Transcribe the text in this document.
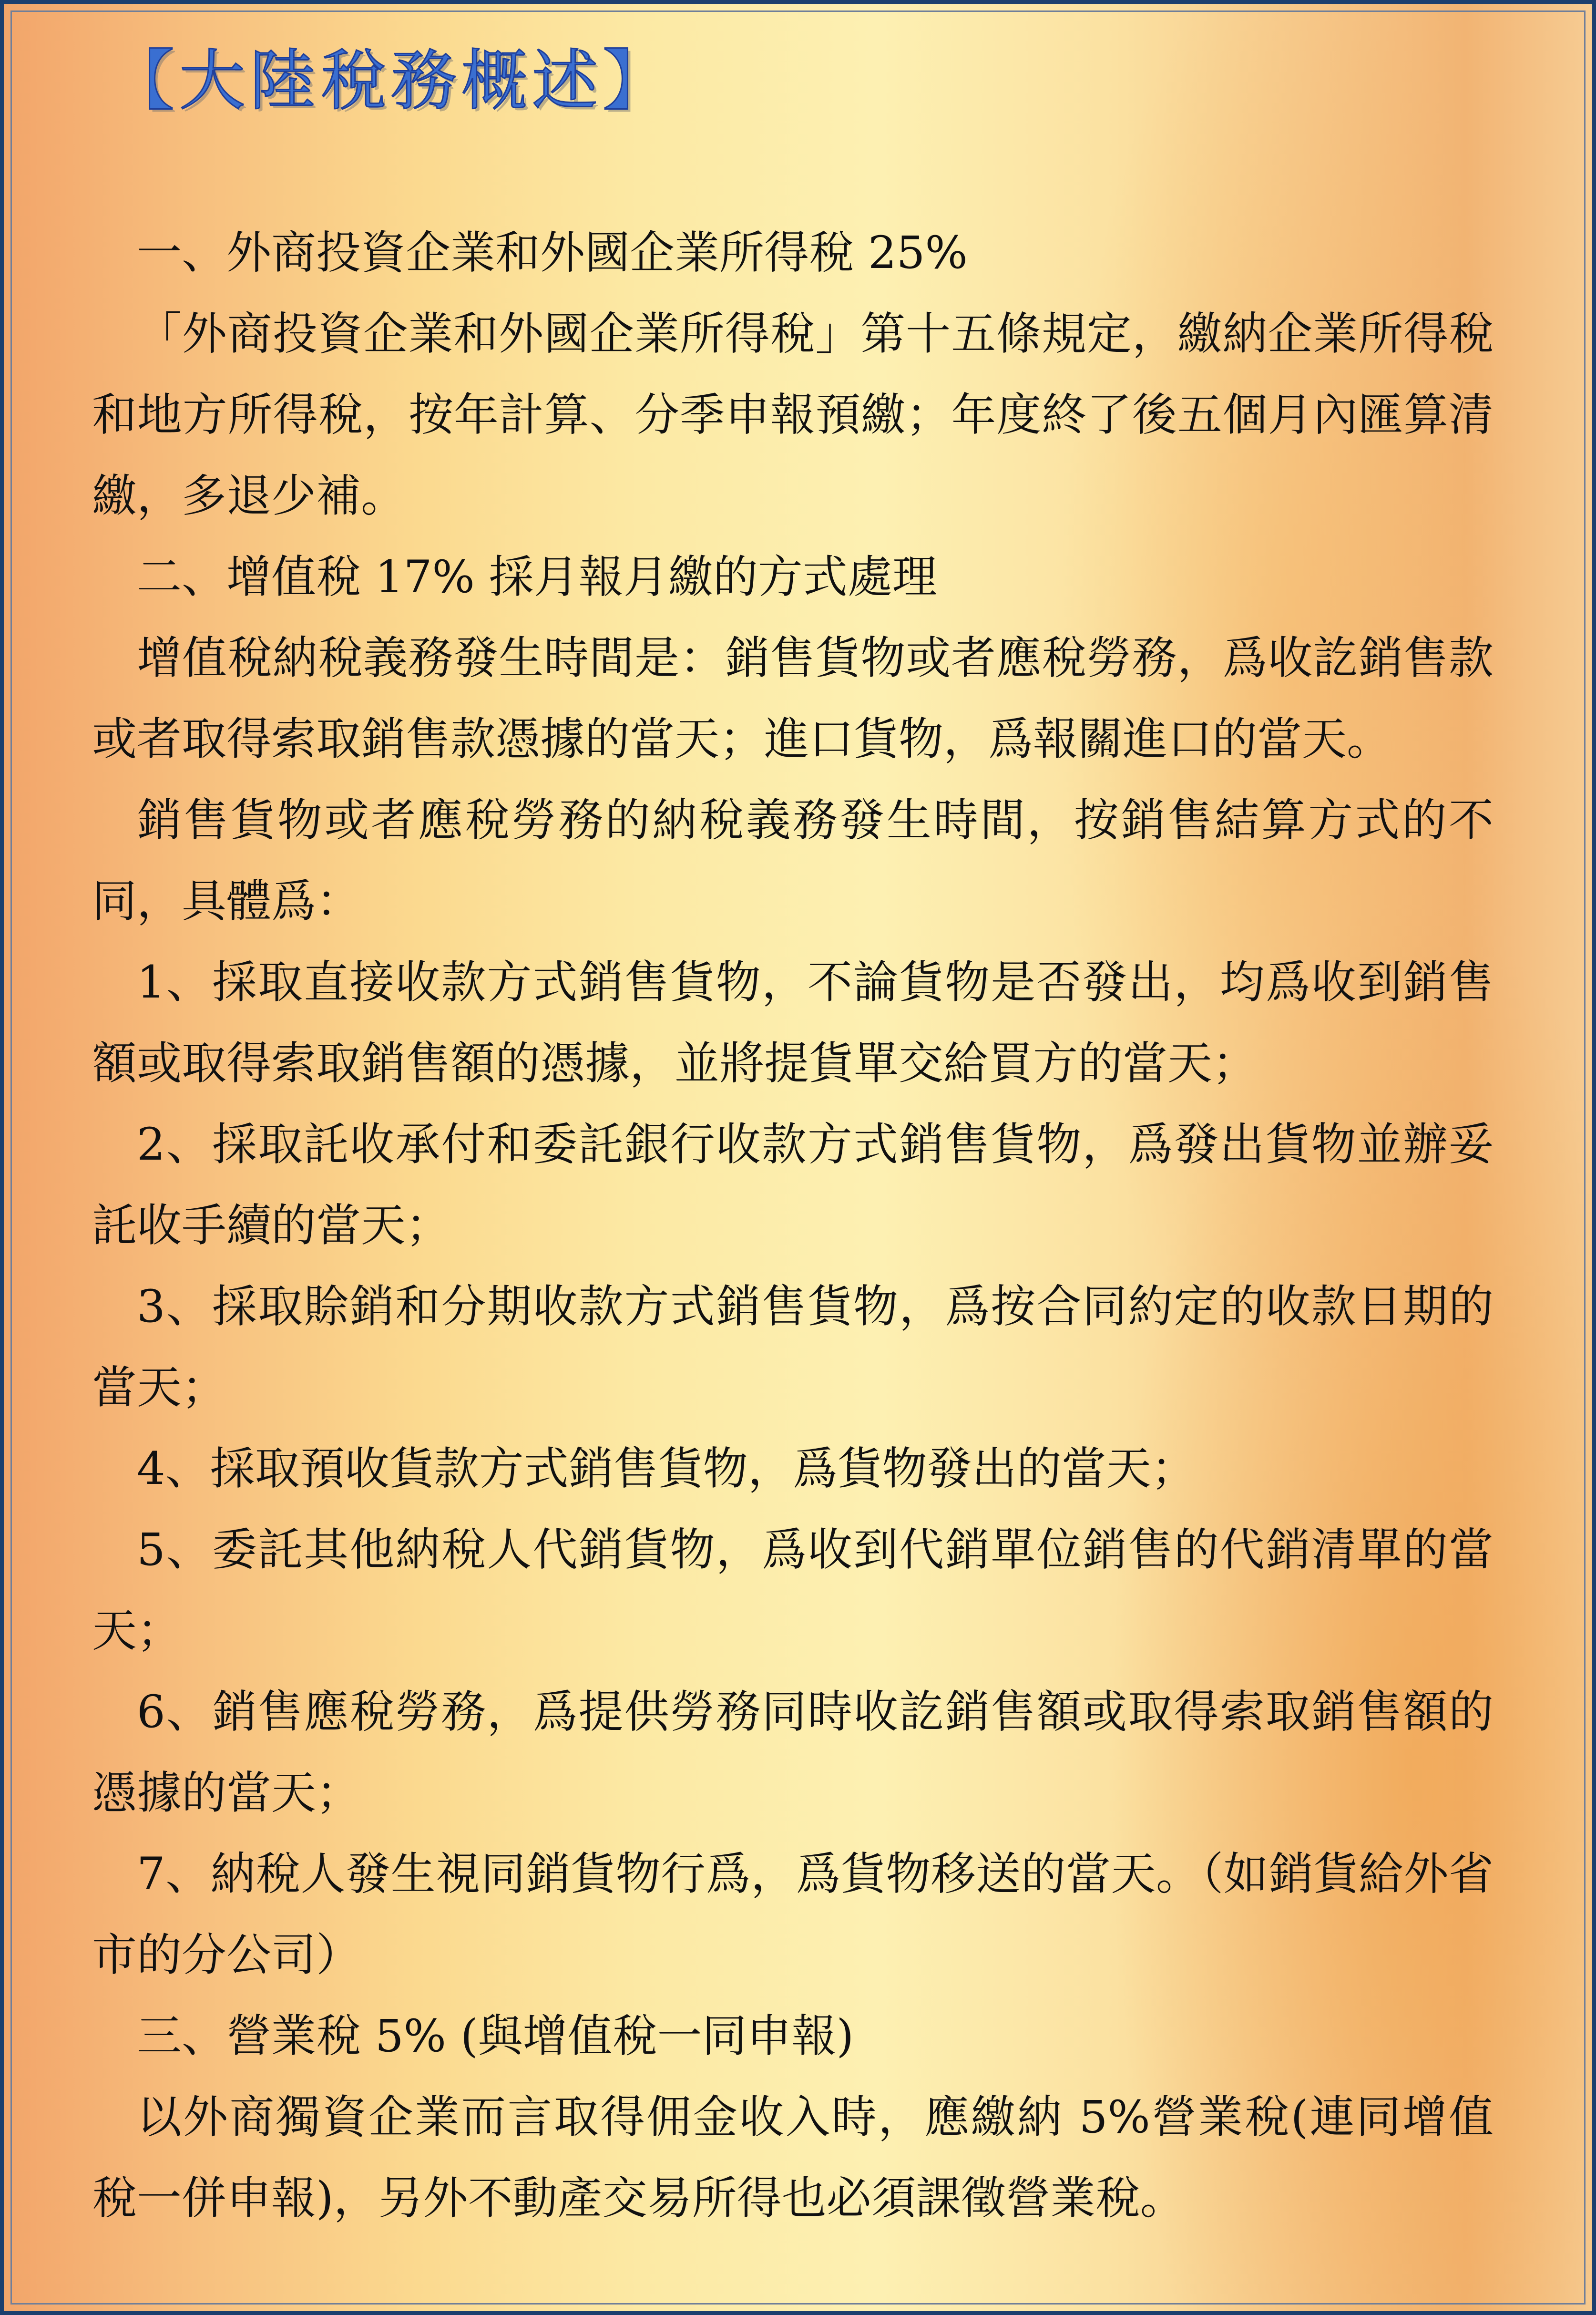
【大陸稅務概述】

一、外商投資企業和外國企業所得稅 25%

「外商投資企業和外國企業所得稅」第十五條規定，繳納企業所得稅和地方所得稅，按年計算、分季申報預繳；年度終了後五個月內匯算清繳，多退少補。

二、增值稅 17% 採月報月繳的方式處理

增值稅納稅義務發生時間是：銷售貨物或者應稅勞務，爲收訖銷售款或者取得索取銷售款憑據的當天；進口貨物，爲報關進口的當天。

銷售貨物或者應稅勞務的納稅義務發生時間，按銷售結算方式的不同，具體爲：

1、採取直接收款方式銷售貨物，不論貨物是否發出，均爲收到銷售額或取得索取銷售額的憑據，並將提貨單交給買方的當天；

2、採取託收承付和委託銀行收款方式銷售貨物，爲發出貨物並辦妥託收手續的當天；

3、採取賒銷和分期收款方式銷售貨物，爲按合同約定的收款日期的當天；

4、採取預收貨款方式銷售貨物，爲貨物發出的當天；

5、委託其他納稅人代銷貨物，爲收到代銷單位銷售的代銷清單的當天；

6、銷售應稅勞務，爲提供勞務同時收訖銷售額或取得索取銷售額的憑據的當天；

7、納稅人發生視同銷貨物行爲，爲貨物移送的當天。（如銷貨給外省市的分公司）

三、營業稅 5% (與增值稅一同申報)

以外商獨資企業而言取得佣金收入時，應繳納 5%營業稅(連同增值稅一併申報)，另外不動產交易所得也必須課徵營業稅。
